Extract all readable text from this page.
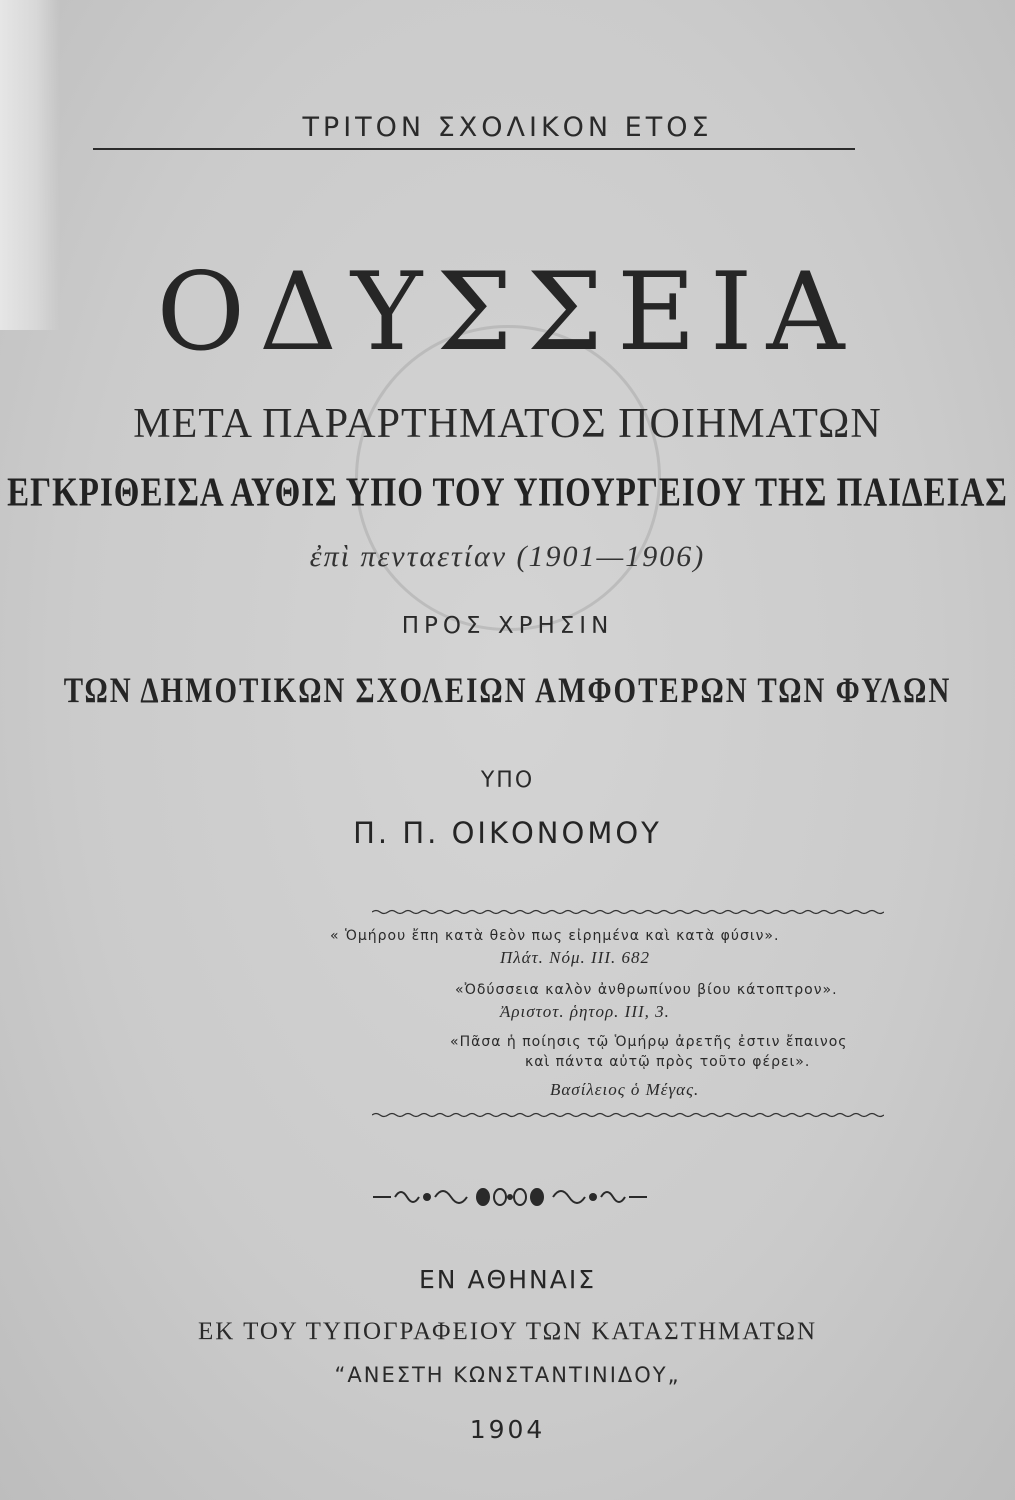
ΤΡΙΤΟΝ ΣΧΟΛΙΚΟΝ ΕΤΟΣ
ΟΔΥΣΣΕΙΑ
ΜΕΤΑ ΠΑΡΑΡΤΗΜΑΤΟΣ ΠΟΙΗΜΑΤΩΝ
ΕΓΚΡΙΘΕΙΣΑ ΑΥΘΙΣ ΥΠΟ ΤΟΥ ΥΠΟΥΡΓΕΙΟΥ ΤΗΣ ΠΑΙΔΕΙΑΣ
ἐπὶ πενταετίαν (1901—1906)
ΠΡΟΣ ΧΡΗΣΙΝ
ΤΩΝ ΔΗΜΟΤΙΚΩΝ ΣΧΟΛΕΙΩΝ ΑΜΦΟΤΕΡΩΝ ΤΩΝ ΦΥΛΩΝ
ΥΠΟ
Π. Π. ΟΙΚΟΝΟΜΟΥ
« Ὁμήρου ἔπη κατὰ θεὸν πως εἰρημένα καὶ κατὰ φύσιν».
Πλάτ. Νόμ. ΙΙΙ. 682
«Ὀδύσσεια καλὸν ἀνθρωπίνου βίου κάτοπτρον».
Ἀριστοτ. ῥητορ. ΙΙΙ, 3.
«Πᾶσα ἡ ποίησις τῷ Ὁμήρῳ ἀρετῆς ἐστιν ἔπαινος
καὶ πάντα αὐτῷ πρὸς τοῦτο φέρει».
Βασίλειος ὁ Μέγας.
ΕΝ ΑΘΗΝΑΙΣ
ΕΚ ΤΟΥ ΤΥΠΟΓΡΑΦΕΙΟΥ ΤΩΝ ΚΑΤΑΣΤΗΜΑΤΩΝ
“ΑΝΕΣΤΗ ΚΩΝΣΤΑΝΤΙΝΙΔΟΥ„
1904
